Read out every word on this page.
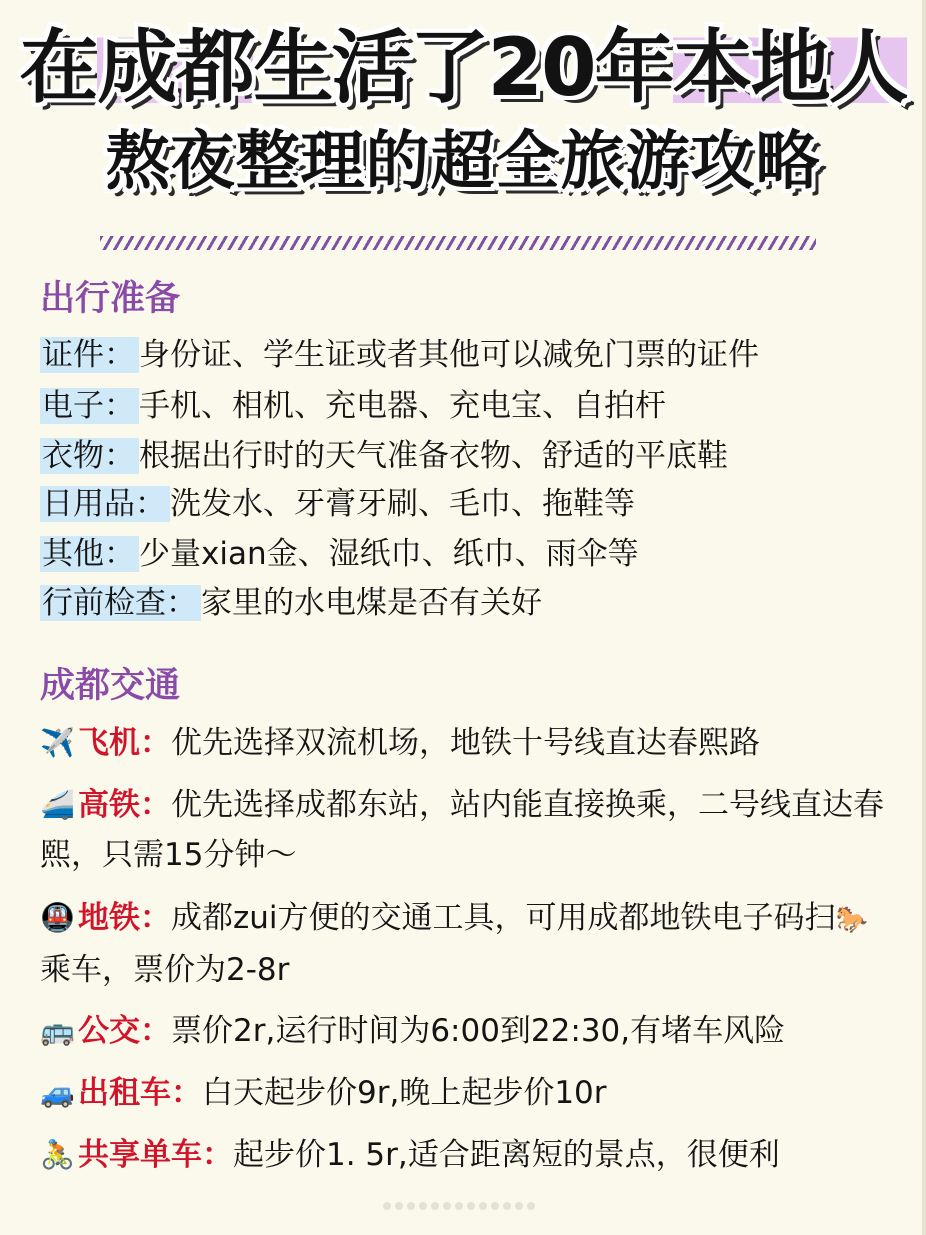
在成都生活了20年本地人
熬夜整理的超全旅游攻略
出行准备
证件 ： 身份证、学生证或者其他可以减免门票的证件
电子 ： 手机、相机、充电器、充电宝、自拍杆
衣物 ： 根据出行时的天气准备衣物、舒适的平底鞋
日用品 ： 洗发水、牙膏牙刷、毛巾、拖鞋等
其他 ： 少量xian金、湿纸巾、纸巾、雨伞等
行前检查 ： 家里的水电煤是否有关好
成都交通
✈️ 飞机 ： 优先选择双流机场，地铁十号线直达春熙路
🚄 高铁 ： 优先选择成都东站，站内能直接换乘，二号线直达春熙，只需15分钟～
🚇 地铁 ： 成都zui方便的交通工具，可用成都地铁电子码扫🐎乘车，票价为2-8r
🚌 公交 ： 票价2r,运行时间为6:00到22:30,有堵车风险
🚙 出租车 ： 白天起步价9r,晚上起步价10r
🚴 共享单车 ： 起步价1. 5r,适合距离短的景点，很便利
